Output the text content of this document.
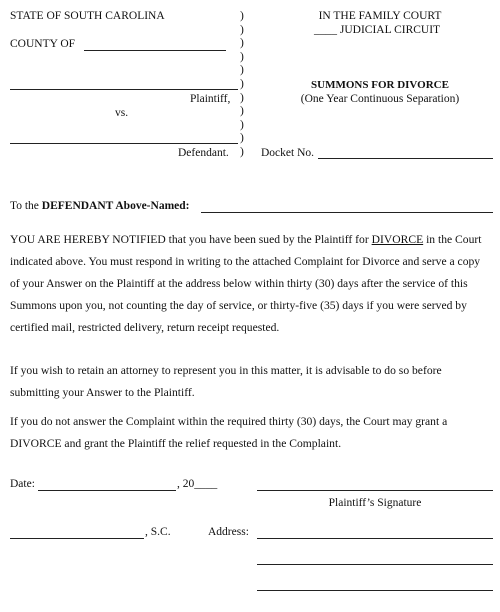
STATE OF SOUTH CAROLINA
COUNTY OF
Plaintiff,
vs.
Defendant.
)
)
)
)
)
)
)
)
)
)
)
IN THE FAMILY COURT
____ JUDICIAL CIRCUIT
SUMMONS FOR DIVORCE
(One Year Continuous Separation)
Docket No.
To the DEFENDANT Above-Named:
YOU ARE HEREBY NOTIFIED that you have been sued by the Plaintiff for DIVORCE in the Court indicated above. You must respond in writing to the attached Complaint for Divorce and serve a copy of your Answer on the Plaintiff at the address below within thirty (30) days after the service of this Summons upon you, not counting the day of service, or thirty-five (35) days if you were served by certified mail, restricted delivery, return receipt requested.
If you wish to retain an attorney to represent you in this matter, it is advisable to do so before submitting your Answer to the Plaintiff.
If you do not answer the Complaint within the required thirty (30) days, the Court may grant a DIVORCE and grant the Plaintiff the relief requested in the Complaint.
Date:	, 20____
Plaintiff’s Signature
, S.C.	Address:
